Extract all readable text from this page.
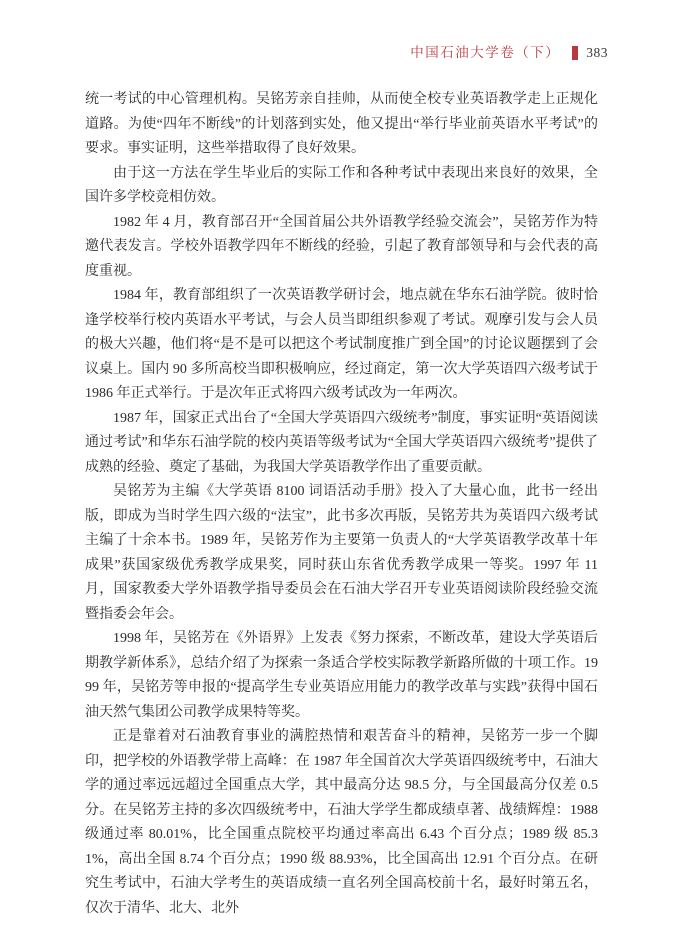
中国石油大学卷（下） 383

统一考试的中心管理机构。吴铭芳亲自挂帅，从而使全校专业英语教学走上正规化道路。为使“四年不断线”的计划落到实处，他又提出“举行毕业前英语水平考试”的要求。事实证明，这些举措取得了良好效果。

由于这一方法在学生毕业后的实际工作和各种考试中表现出来良好的效果，全国许多学校竞相仿效。

1982 年 4 月，教育部召开“全国首届公共外语教学经验交流会”，吴铭芳作为特邀代表发言。学校外语教学四年不断线的经验，引起了教育部领导和与会代表的高度重视。

1984 年，教育部组织了一次英语教学研讨会，地点就在华东石油学院。彼时恰逢学校举行校内英语水平考试，与会人员当即组织参观了考试。观摩引发与会人员的极大兴趣，他们将“是不是可以把这个考试制度推广到全国”的讨论议题摆到了会议桌上。国内 90 多所高校当即积极响应，经过商定，第一次大学英语四六级考试于 1986 年正式举行。于是次年正式将四六级考试改为一年两次。

1987 年，国家正式出台了“全国大学英语四六级统考”制度，事实证明“英语阅读通过考试”和华东石油学院的校内英语等级考试为“全国大学英语四六级统考”提供了成熟的经验、奠定了基础，为我国大学英语教学作出了重要贡献。

吴铭芳为主编《大学英语 8100 词语活动手册》投入了大量心血，此书一经出版，即成为当时学生四六级的“法宝”，此书多次再版，吴铭芳共为英语四六级考试主编了十余本书。1989 年，吴铭芳作为主要第一负责人的“大学英语教学改革十年成果”获国家级优秀教学成果奖，同时获山东省优秀教学成果一等奖。1997 年 11 月，国家教委大学外语教学指导委员会在石油大学召开专业英语阅读阶段经验交流暨指委会年会。

1998 年，吴铭芳在《外语界》上发表《努力探索，不断改革，建设大学英语后期教学新体系》，总结介绍了为探索一条适合学校实际教学新路所做的十项工作。1999 年，吴铭芳等申报的“提高学生专业英语应用能力的教学改革与实践”获得中国石油天然气集团公司教学成果特等奖。

正是靠着对石油教育事业的满腔热情和艰苦奋斗的精神，吴铭芳一步一个脚印，把学校的外语教学带上高峰：在 1987 年全国首次大学英语四级统考中，石油大学的通过率远远超过全国重点大学，其中最高分达 98.5 分，与全国最高分仅差 0.5 分。在吴铭芳主持的多次四级统考中，石油大学学生都成绩卓著、战绩辉煌：1988 级通过率 80.01%，比全国重点院校平均通过率高出 6.43 个百分点；1989 级 85.31%，高出全国 8.74 个百分点；1990 级 88.93%，比全国高出 12.91 个百分点。在研究生考试中，石油大学考生的英语成绩一直名列全国高校前十名，最好时第五名，仅次于清华、北大、北外
